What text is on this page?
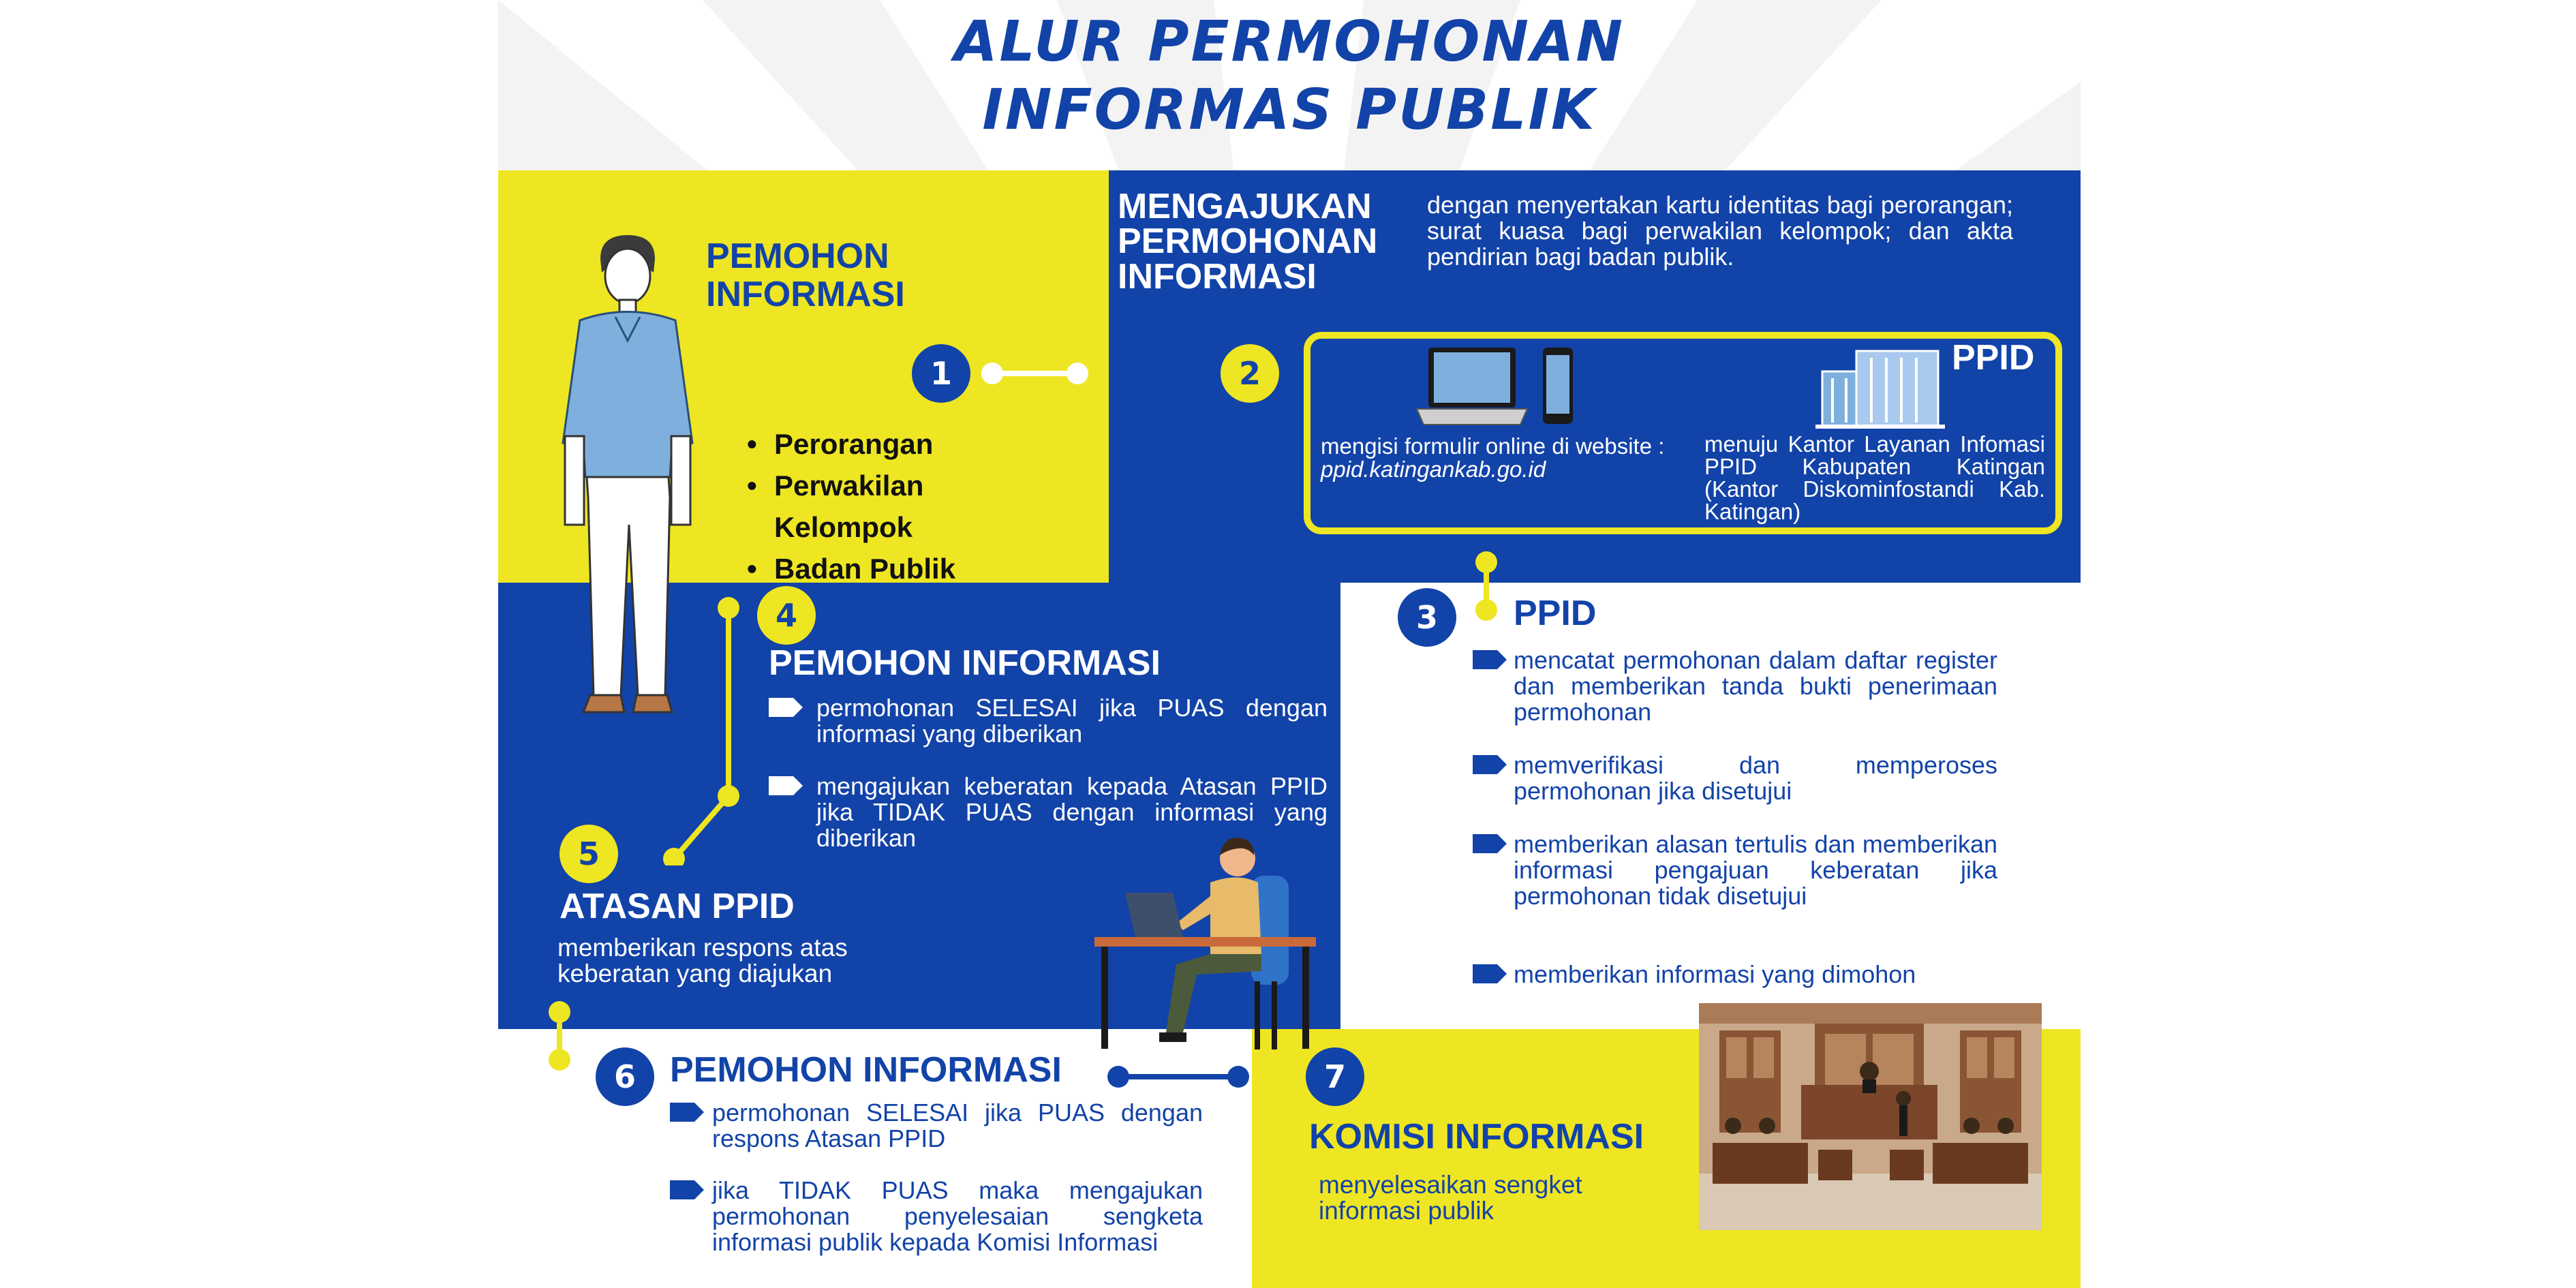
ALUR PERMOHONAN
INFORMAS PUBLIK
PEMOHON
INFORMASI
• Perorangan
• Perwakilan
Kelompok
• Badan Publik
1	2
MENGAJUKAN
PERMOHONAN
INFORMASI
dengan menyertakan kartu identitas bagi perorangan; surat kuasa bagi perwakilan kelompok; dan akta pendirian bagi badan publik.
PPID
mengisi formulir online di website :
ppid.katingankab.go.id
menuju Kantor Layanan Infomasi PPID Kabupaten Katingan (Kantor Diskominfostandi Kab. Katingan)
3	PPID
mencatat permohonan dalam daftar register dan memberikan tanda bukti penerimaan permohonan
memverifikasi dan memperoses permohonan jika disetujui
memberikan alasan tertulis dan memberikan informasi pengajuan keberatan jika permohonan tidak disetujui
memberikan informasi yang dimohon
4
PEMOHON INFORMASI
permohonan SELESAI jika PUAS dengan informasi yang diberikan
mengajukan keberatan kepada Atasan PPID jika TIDAK PUAS dengan informasi yang diberikan
5
ATASAN PPID
memberikan respons atas keberatan yang diajukan
6 PEMOHON INFORMASI
permohonan SELESAI jika PUAS dengan respons Atasan PPID
jika TIDAK PUAS maka mengajukan permohonan penyelesaian sengketa informasi publik kepada Komisi Informasi
7
KOMISI INFORMASI
menyelesaikan sengket informasi publik
